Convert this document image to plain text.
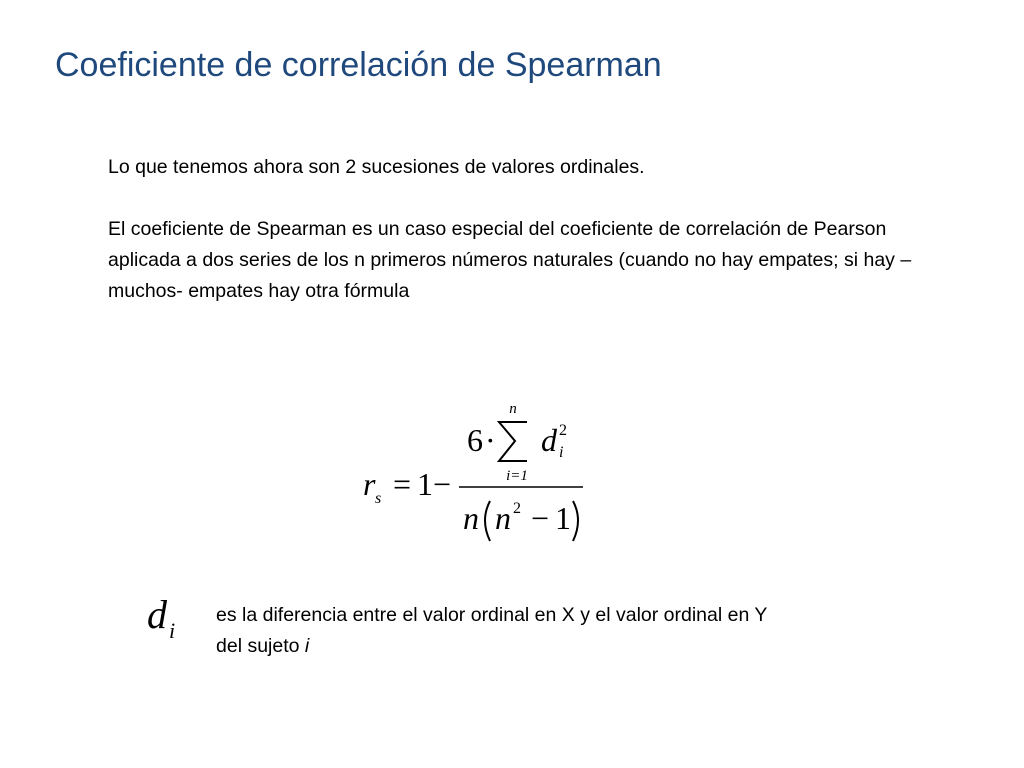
Coeficiente de correlación de Spearman

Lo que tenemos ahora son 2 sucesiones de valores ordinales.

El coeficiente de Spearman es un caso especial del coeficiente de correlación de Pearson aplicada a dos series de los n primeros números naturales (cuando no hay empates; si hay –muchos- empates hay otra fórmula

r s = 1 −
6 ·
n
i=1
d i
2
n n 2 − 1
d i
es la diferencia entre el valor ordinal en X y el valor ordinal en Y del sujeto i
